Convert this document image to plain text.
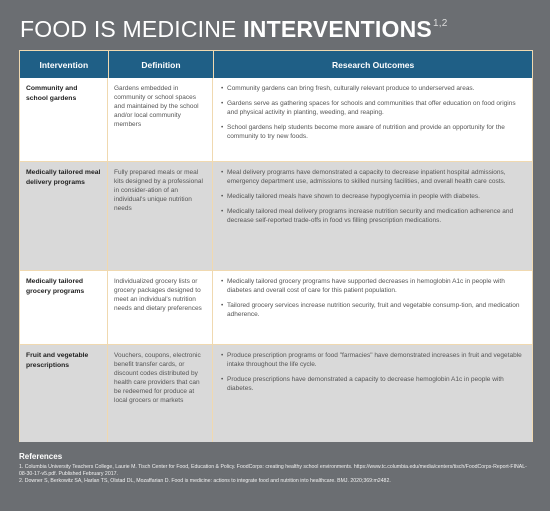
FOOD IS MEDICINE INTERVENTIONS$^{1,2}$
Intervention	Definition	Research Outcomes
Community and school gardens
Gardens embedded in community or school spaces and maintained by the school and/or local community members
• Community gardens can bring fresh, culturally relevant produce to underserved areas.
• Gardens serve as gathering spaces for schools and communities that offer education on food origins and physical activity in planting, weeding, and reaping.
• School gardens help students become more aware of nutrition and provide an opportunity for the community to try new foods.
Medically tailored meal delivery programs
Fully prepared meals or meal kits designed by a professional in consider-ation of an individual's unique nutrition needs
• Meal delivery programs have demonstrated a capacity to decrease inpatient hospital admissions, emergency department use, admissions to skilled nursing facilities, and overall health care costs.
• Medically tailored meals have shown to decrease hypoglycemia in people with diabetes.
• Medically tailored meal delivery programs increase nutrition security and medication adherence and decrease self-reported trade-offs in food vs filling prescription medications.
Medically tailored grocery programs
Individualized grocery lists or grocery packages designed to meet an individual's nutrition needs and dietary preferences
• Medically tailored grocery programs have supported decreases in hemoglobin A1c in people with diabetes and overall cost of care for this patient population.
• Tailored grocery services increase nutrition security, fruit and vegetable consump-tion, and medication adherence.
Fruit and vegetable prescriptions
Vouchers, coupons, electronic benefit transfer cards, or discount codes distributed by health care providers that can be redeemed for produce at local grocers or markets
• Produce prescription programs or food "farmacies" have demonstrated increases in fruit and vegetable intake throughout the life cycle.
• Produce prescriptions have demonstrated a capacity to decrease hemoglobin A1c in people with diabetes.
References
1. Columbia University Teachers College, Laurie M. Tisch Center for Food, Education & Policy. FoodCorps: creating healthy school environments. https://www.tc.columbia.edu/media/centers/tisch/FoodCorps-Report-FINAL-08-30-17-v5.pdf. Published February 2017.
2. Downer S, Berkowitz SA, Harlan TS, Olstad DL, Mozaffarian D. Food is medicine: actions to integrate food and nutrition into healthcare. BMJ. 2020;369:m2482.
